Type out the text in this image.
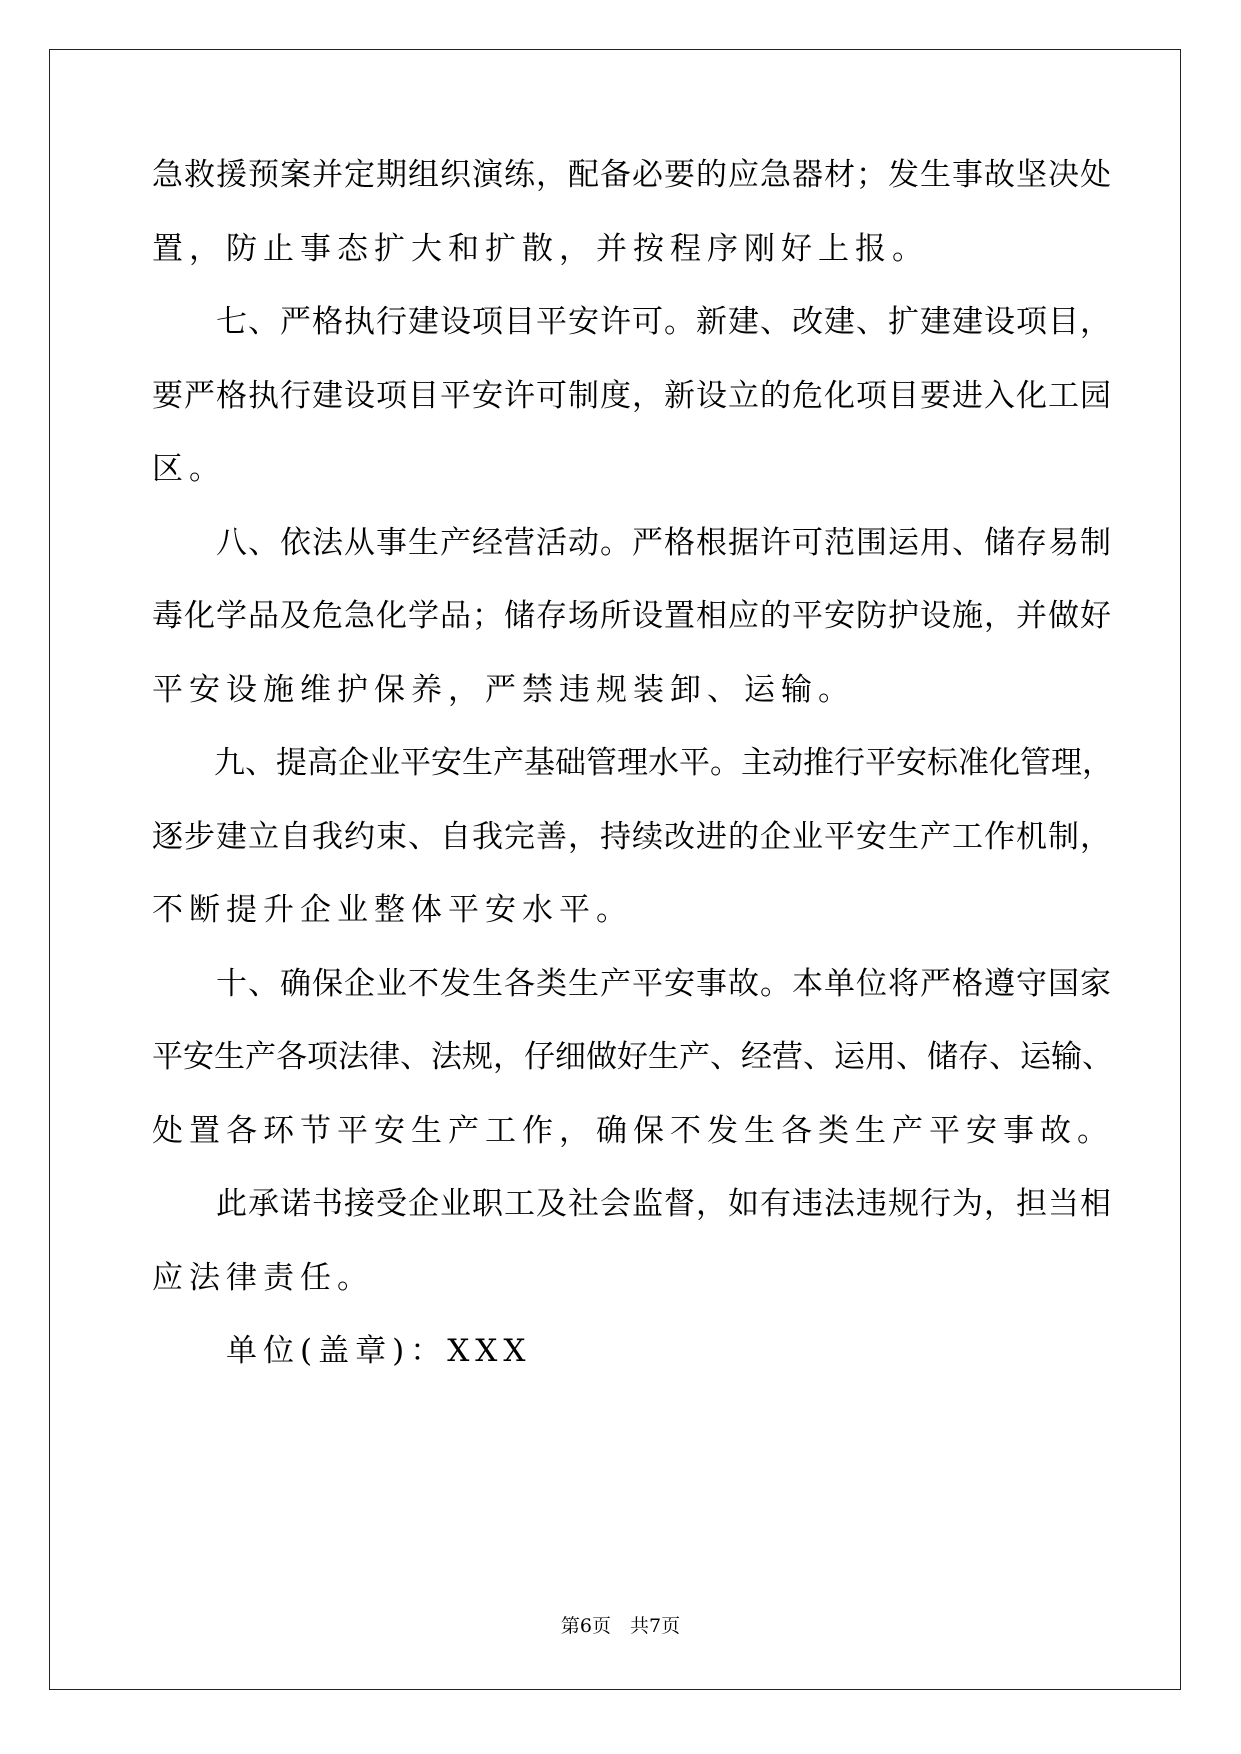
急救援预案并定期组织演练，配备必要的应急器材；发生事故坚决处
置，防止事态扩大和扩散，并按程序刚好上报。
　　七、严格执行建设项目平安许可。新建、改建、扩建建设项目，
要严格执行建设项目平安许可制度，新设立的危化项目要进入化工园
区。
　　八、依法从事生产经营活动。严格根据许可范围运用、储存易制
毒化学品及危急化学品；储存场所设置相应的平安防护设施，并做好
平安设施维护保养，严禁违规装卸、运输。
　　九、提高企业平安生产基础管理水平。主动推行平安标准化管理，
逐步建立自我约束、自我完善，持续改进的企业平安生产工作机制，
不断提升企业整体平安水平。
　　十、确保企业不发生各类生产平安事故。本单位将严格遵守国家
平安生产各项法律、法规，仔细做好生产、经营、运用、储存、运输、
处置各环节平安生产工作，确保不发生各类生产平安事故。
　　此承诺书接受企业职工及社会监督，如有违法违规行为，担当相
应法律责任。
　　单位(盖章)：XXX
第6页　共7页
